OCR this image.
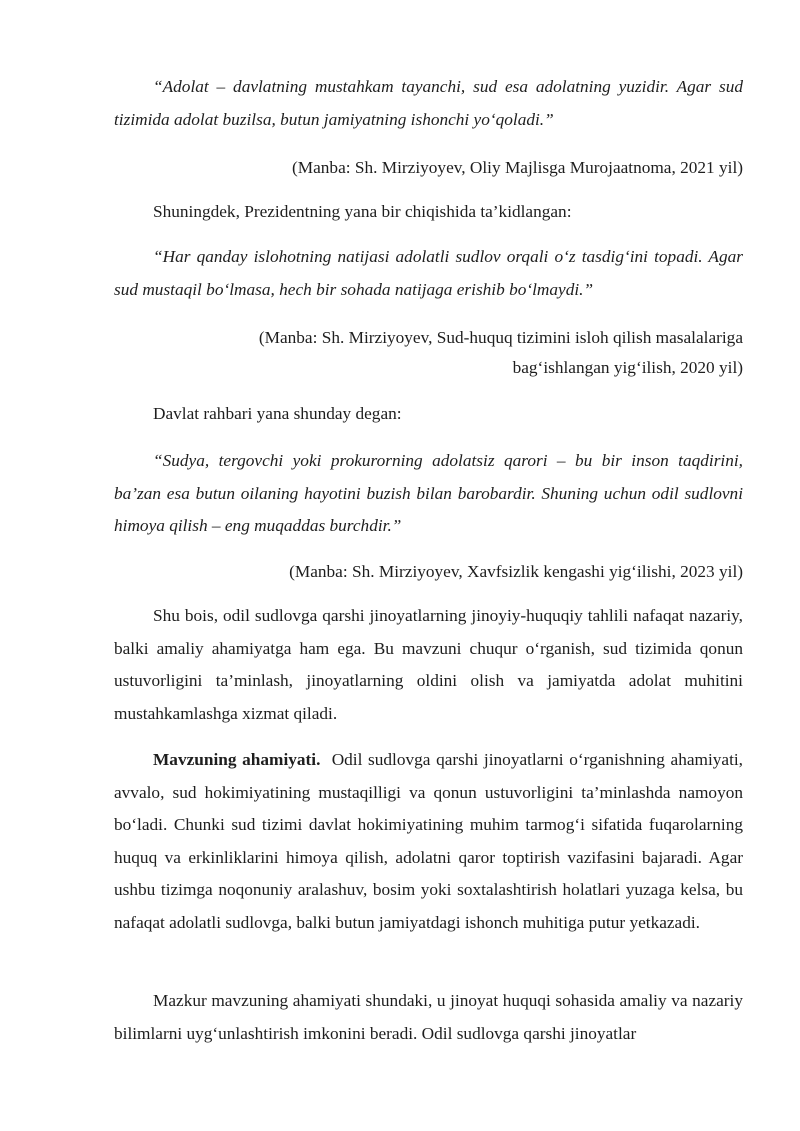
“Adolat – davlatning mustahkam tayanchi, sud esa adolatning yuzidir. Agar sud tizimida adolat buzilsa, butun jamiyatning ishonchi yo‘qoladi.”

(Manba: Sh. Mirziyoyev, Oliy Majlisga Murojaatnoma, 2021 yil)

Shuningdek, Prezidentning yana bir chiqishida ta’kidlangan:

“Har qanday islohotning natijasi adolatli sudlov orqali o‘z tasdig‘ini topadi. Agar sud mustaqil bo‘lmasa, hech bir sohada natijaga erishib bo‘lmaydi.”

(Manba: Sh. Mirziyoyev, Sud-huquq tizimini isloh qilish masalalariga

bag‘ishlangan yig‘ilish, 2020 yil)

Davlat rahbari yana shunday degan:

“Sudya, tergovchi yoki prokurorning adolatsiz qarori – bu bir inson taqdirini, ba’zan esa butun oilaning hayotini buzish bilan barobardir. Shuning uchun odil sudlovni himoya qilish – eng muqaddas burchdir.”

(Manba: Sh. Mirziyoyev, Xavfsizlik kengashi yig‘ilishi, 2023 yil)

Shu bois, odil sudlovga qarshi jinoyatlarning jinoyiy-huquqiy tahlili nafaqat nazariy, balki amaliy ahamiyatga ham ega. Bu mavzuni chuqur o‘rganish, sud tizimida qonun ustuvorligini ta’minlash, jinoyatlarning oldini olish va jamiyatda adolat muhitini mustahkamlashga xizmat qiladi.

Mavzuning ahamiyati. Odil sudlovga qarshi jinoyatlarni o‘rganishning ahamiyati, avvalo, sud hokimiyatining mustaqilligi va qonun ustuvorligini ta’minlashda namoyon bo‘ladi. Chunki sud tizimi davlat hokimiyatining muhim tarmog‘i sifatida fuqarolarning huquq va erkinliklarini himoya qilish, adolatni qaror toptirish vazifasini bajaradi. Agar ushbu tizimga noqonuniy aralashuv, bosim yoki soxtalashtirish holatlari yuzaga kelsa, bu nafaqat adolatli sudlovga, balki butun jamiyatdagi ishonch muhitiga putur yetkazadi.

Mazkur mavzuning ahamiyati shundaki, u jinoyat huquqi sohasida amaliy va nazariy bilimlarni uyg‘unlashtirish imkonini beradi. Odil sudlovga qarshi jinoyatlar
